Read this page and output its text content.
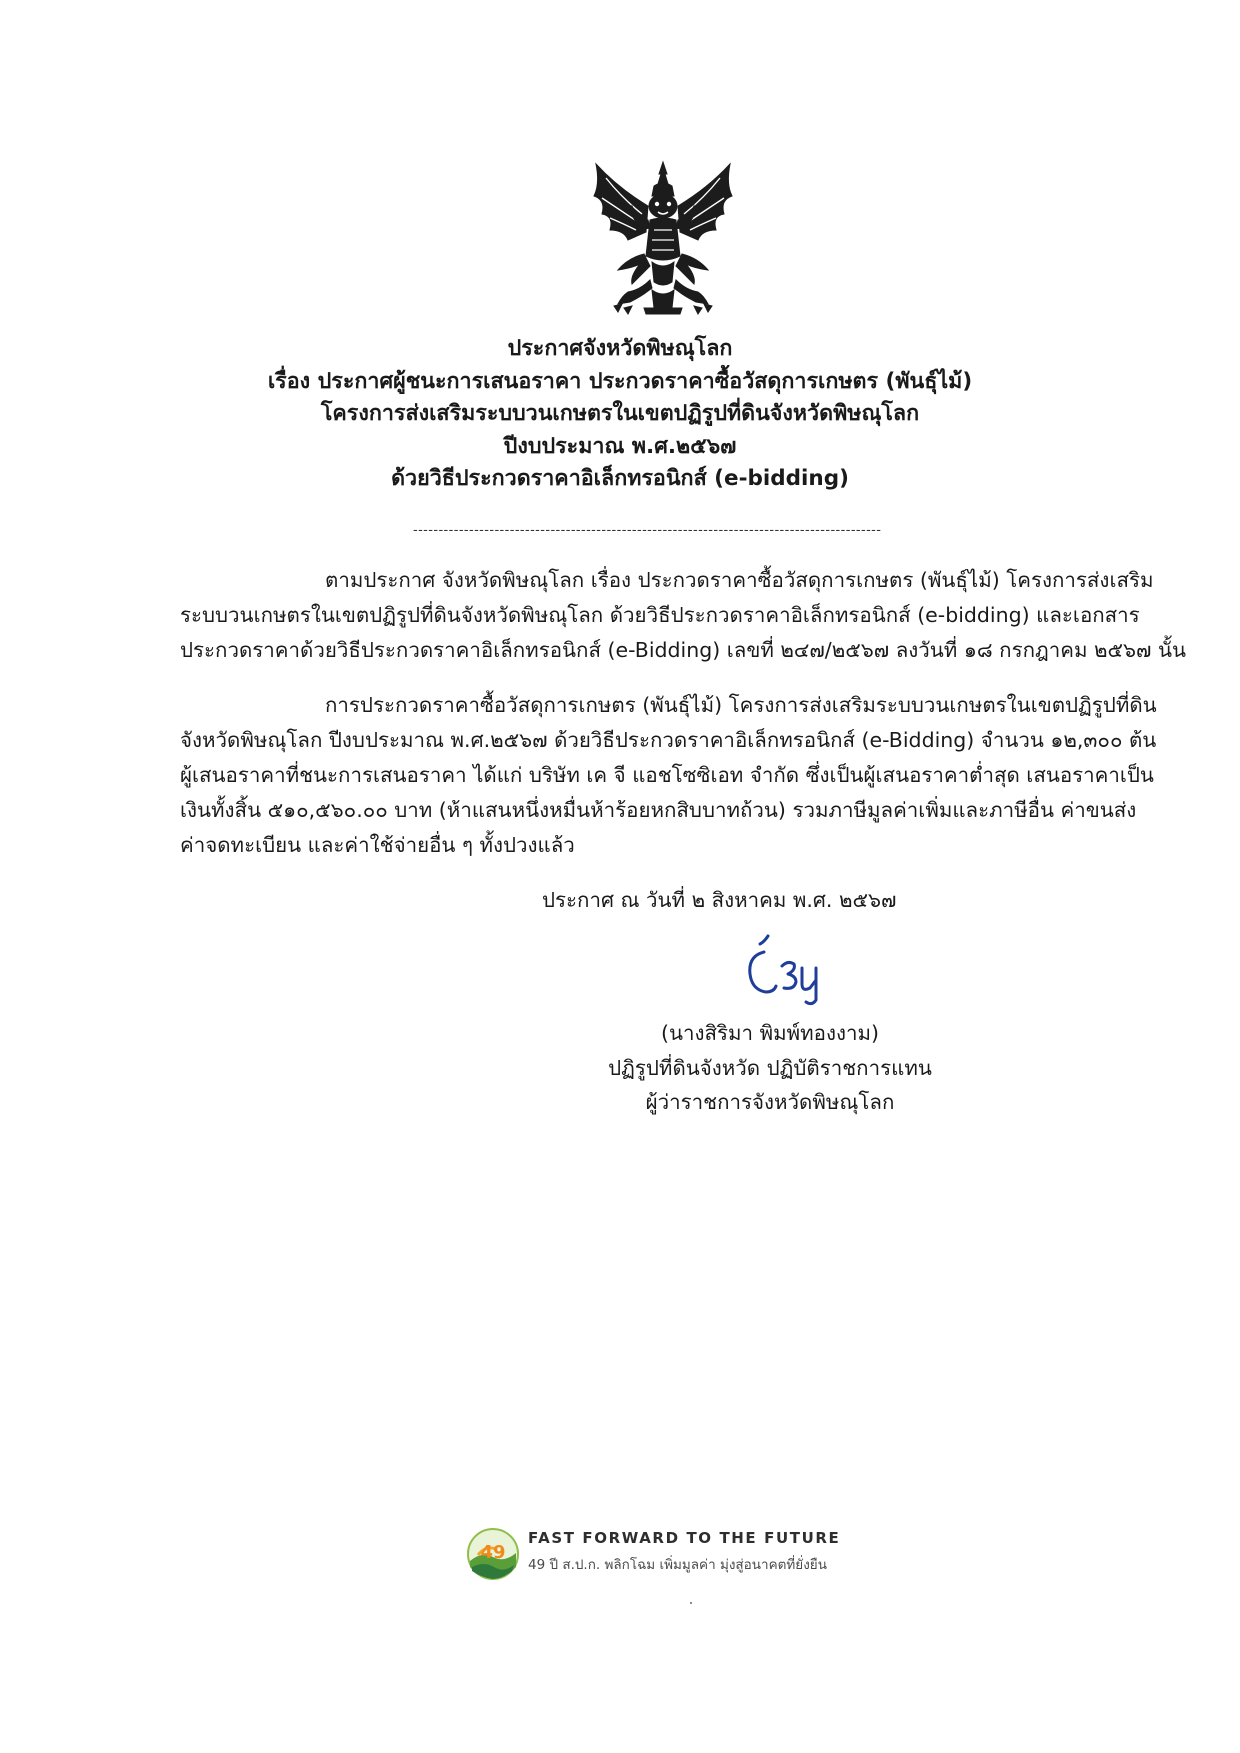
ประกาศจังหวัดพิษณุโลก
เรื่อง ประกาศผู้ชนะการเสนอราคา ประกวดราคาซื้อวัสดุการเกษตร (พันธุ์ไม้)
โครงการส่งเสริมระบบวนเกษตรในเขตปฏิรูปที่ดินจังหวัดพิษณุโลก
ปีงบประมาณ พ.ศ.๒๕๖๗
ด้วยวิธีประกวดราคาอิเล็กทรอนิกส์ (e-bidding)
--------------------------------------------------------------------------------------------
ตามประกาศ จังหวัดพิษณุโลก เรื่อง ประกวดราคาซื้อวัสดุการเกษตร (พันธุ์ไม้) โครงการส่งเสริม
ระบบวนเกษตรในเขตปฏิรูปที่ดินจังหวัดพิษณุโลก ด้วยวิธีประกวดราคาอิเล็กทรอนิกส์ (e-bidding) และเอกสาร
ประกวดราคาด้วยวิธีประกวดราคาอิเล็กทรอนิกส์ (e-Bidding) เลขที่ ๒๔๗/๒๕๖๗ ลงวันที่ ๑๘ กรกฎาคม ๒๕๖๗ นั้น
การประกวดราคาซื้อวัสดุการเกษตร (พันธุ์ไม้) โครงการส่งเสริมระบบวนเกษตรในเขตปฏิรูปที่ดิน
จังหวัดพิษณุโลก ปีงบประมาณ พ.ศ.๒๕๖๗ ด้วยวิธีประกวดราคาอิเล็กทรอนิกส์ (e-Bidding) จำนวน ๑๒,๓๐๐ ต้น
ผู้เสนอราคาที่ชนะการเสนอราคา ได้แก่ บริษัท เค จี แอชโซซิเอท จำกัด ซึ่งเป็นผู้เสนอราคาต่ำสุด เสนอราคาเป็น
เงินทั้งสิ้น ๕๑๐,๕๖๐.๐๐ บาท (ห้าแสนหนึ่งหมื่นห้าร้อยหกสิบบาทถ้วน) รวมภาษีมูลค่าเพิ่มและภาษีอื่น ค่าขนส่ง
ค่าจดทะเบียน และค่าใช้จ่ายอื่น ๆ ทั้งปวงแล้ว
ประกาศ ณ วันที่ ๒ สิงหาคม พ.ศ. ๒๕๖๗
(นางสิริมา พิมพ์ทองงาม)
ปฏิรูปที่ดินจังหวัด ปฏิบัติราชการแทน
ผู้ว่าราชการจังหวัดพิษณุโลก
49
FAST FORWARD TO THE FUTURE
49 ปี ส.ป.ก. พลิกโฉม เพิ่มมูลค่า มุ่งสู่อนาคตที่ยั่งยืน
